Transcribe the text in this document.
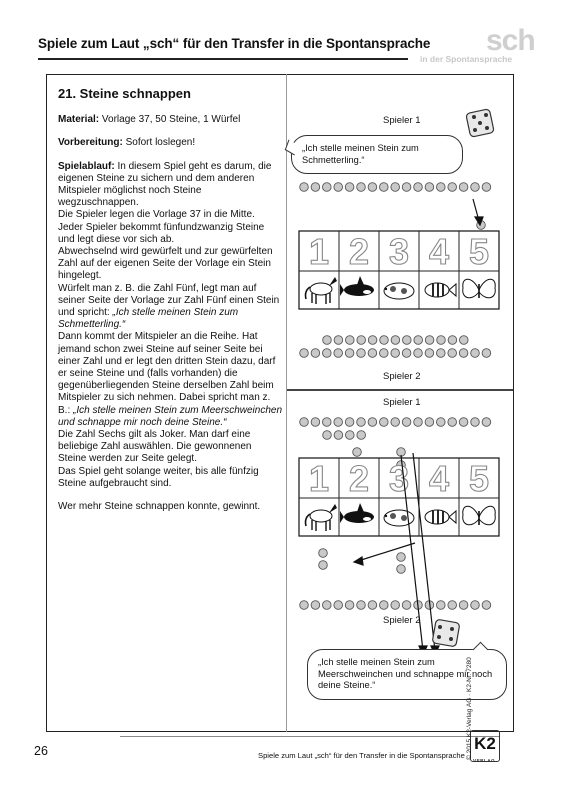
Spiele zum Laut „sch“ für den Transfer in die Spontansprache sch
in der Spontansprache
21. Steine schnappen
Material: Vorlage 37, 50 Steine, 1 Würfel
Vorbereitung: Sofort loslegen!
Spielablauf: In diesem Spiel geht es darum, die eigenen Steine zu sichern und dem anderen Mitspieler möglichst noch Steine wegzuschnappen.
Die Spieler legen die Vorlage 37 in die Mitte. Jeder Spieler bekommt fünfundzwanzig Steine und legt diese vor sich ab.
Abwechselnd wird gewürfelt und zur gewürfelten Zahl auf der eigenen Seite der Vorlage ein Stein hingelegt.
Würfelt man z. B. die Zahl Fünf, legt man auf seiner Seite der Vorlage zur Zahl Fünf einen Stein und spricht: „Ich stelle meinen Stein zum Schmetterling.“
Dann kommt der Mitspieler an die Reihe. Hat jemand schon zwei Steine auf seiner Seite bei einer Zahl und er legt den dritten Stein dazu, darf er seine Steine und (falls vorhanden) die gegenüberliegenden Steine derselben Zahl beim Mitspieler zu sich nehmen. Dabei spricht man z. B.: „Ich stelle meinen Stein zum Meerschweinchen und schnappe mir noch deine Steine.“
Die Zahl Sechs gilt als Joker. Man darf eine beliebige Zahl auswählen. Die gewonnenen Steine werden zur Seite gelegt.
Das Spiel geht solange weiter, bis alle fünfzig Steine aufgebraucht sind.
Wer mehr Steine schnappen konnte, gewinnt.
1 2 3 4 5
1 2 3 4 5
Spieler 1
„Ich stelle meinen Stein zum Schmetterling.“
Spieler 2
Spieler 1
Spieler 2
„Ich stelle meinen Stein zum Meerschweinchen und schnappe mir noch deine Steine.“
26	Spiele zum Laut „sch“ für den Transfer in die Spontansprache
K2
VERLAG
© 2015 K2-Verlag AG · K2-Nr. 7280
